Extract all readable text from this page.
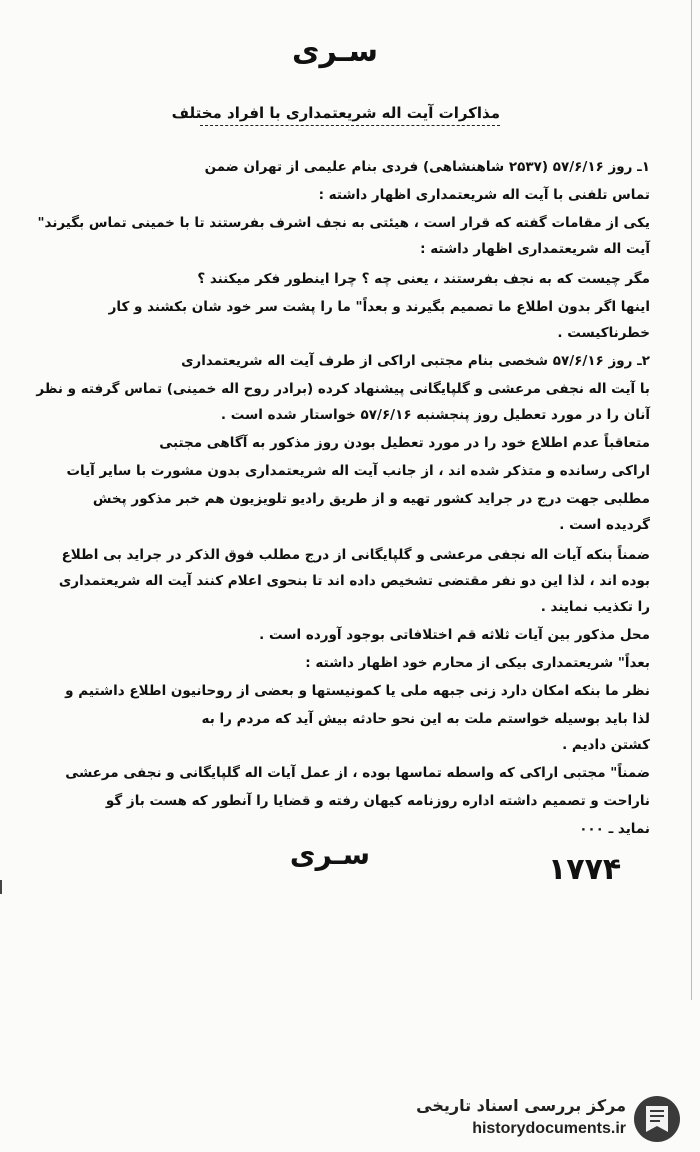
سـری
مذاکرات آیت اله شریعتمداری با افراد مختلف
۱ـ روز ۵۷/۶/۱۶ (۲۵۳۷ شاهنشاهی) فردی بنام علیمی از تهران ضمن
تماس تلفنی با آیت اله شریعتمداری اظهار داشته :
یکی از مقامات گفته که قرار است ، هیئتی به نجف اشرف بفرستند تا با خمینی تماس بگیرند"
آیت اله شریعتمداری اظهار داشته :
مگر چیست که به نجف بفرستند ، یعنی چه ؟ چرا اینطور فکر میکنند ؟
اینها اگر بدون اطلاع ما تصمیم بگیرند و بعداً" ما را پشت سر خود شان بکشند و کار
خطرناکیست .
۲ـ روز ۵۷/۶/۱۶ شخصی بنام مجتبی اراکی از طرف آیت اله شریعتمداری
با آیت اله نجفی مرعشی و گلپایگانی پیشنهاد کرده (برادر روح اله خمینی) تماس گرفته و نظر
آنان را در مورد تعطیل روز پنجشنبه ۵۷/۶/۱۶ خواستار شده است .
متعاقباً عدم اطلاع خود را در مورد تعطیل بودن روز مذکور به آگاهی مجتبی
اراکی رسانده و متذکر شده اند ، از جانب آیت اله شریعتمداری بدون مشورت با سایر آیات
مطلبی جهت درج در جراید کشور تهیه و از طریق رادیو تلویزیون هم خبر مذکور پخش
گردیده است .
ضمناً بنکه آیات اله نجفی مرعشی و گلپایگانی از درج مطلب فوق الذکر در جراید بی اطلاع
بوده اند ، لذا این دو نفر مقتضی تشخیص داده اند تا بنحوی اعلام کنند آیت اله شریعتمداری
را تکذیب نمایند .
محل مذکور بین آیات ثلاثه قم اختلافاتی بوجود آورده است .
بعداً" شریعتمداری بیکی از محارم خود اظهار داشته :
نظر ما بنکه امکان دارد زنی جبهه ملی یا کمونیستها و بعضی از روحانیون اطلاع داشتیم و
لذا باید بوسیله خواستم ملت به این نحو حادثه بیش آید که مردم را به
کشتن دادیم .
ضمناً" مجتبی اراکی که واسطه تماسها بوده ، از عمل آیات اله گلپایگانی و نجفی مرعشی
ناراحت و تصمیم داشته اداره روزنامه کیهان رفته و قضایا را آنطور که هست باز گو
نماید ـ ۰۰۰
سـری	۱۷۷۴
مرکز بررسی اسناد تاریخی
historydocuments.ir
